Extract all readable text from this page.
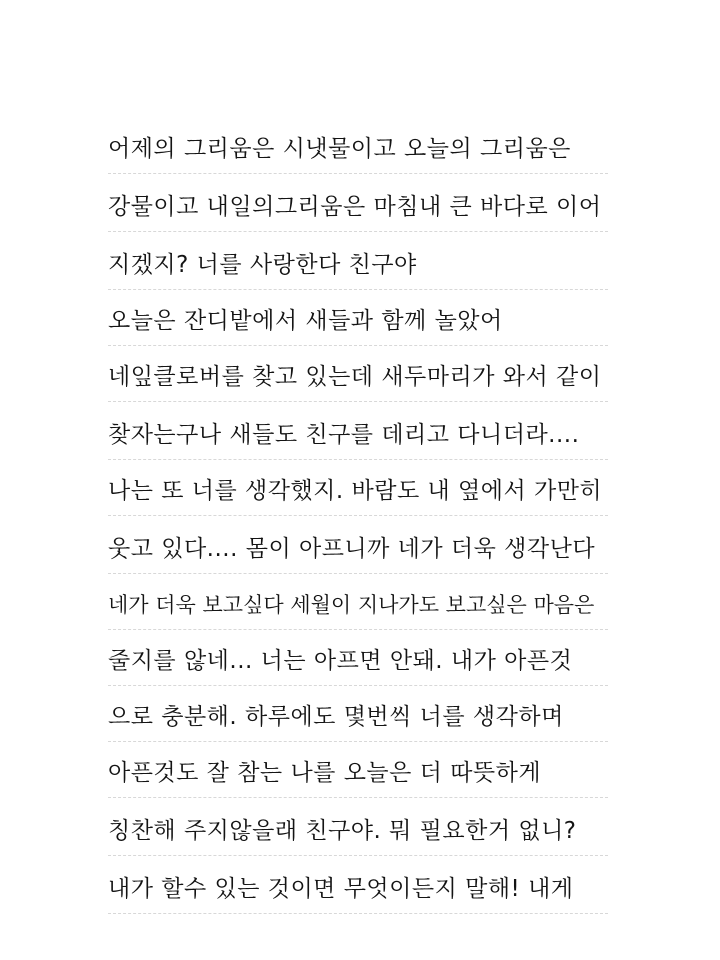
어제의 그리움은 시냇물이고 오늘의 그리움은
강물이고 내일의그리움은 마침내 큰 바다로 이어
지겠지? 너를 사랑한다 친구야
오늘은 잔디밭에서 새들과 함께 놀았어
네잎클로버를 찾고 있는데 새두마리가 와서 같이
찾자는구나 새들도 친구를 데리고 다니더라....
나는 또 너를 생각했지. 바람도 내 옆에서 가만히
웃고 있다.... 몸이 아프니까 네가 더욱 생각난다
네가 더욱 보고싶다 세월이 지나가도 보고싶은 마음은
줄지를 않네... 너는 아프면 안돼. 내가 아픈것
으로 충분해. 하루에도 몇번씩 너를 생각하며
아픈것도 잘 참는 나를 오늘은 더 따뜻하게
칭찬해 주지않을래 친구야. 뭐 필요한거 없니?
내가 할수 있는 것이면 무엇이든지 말해! 내게
